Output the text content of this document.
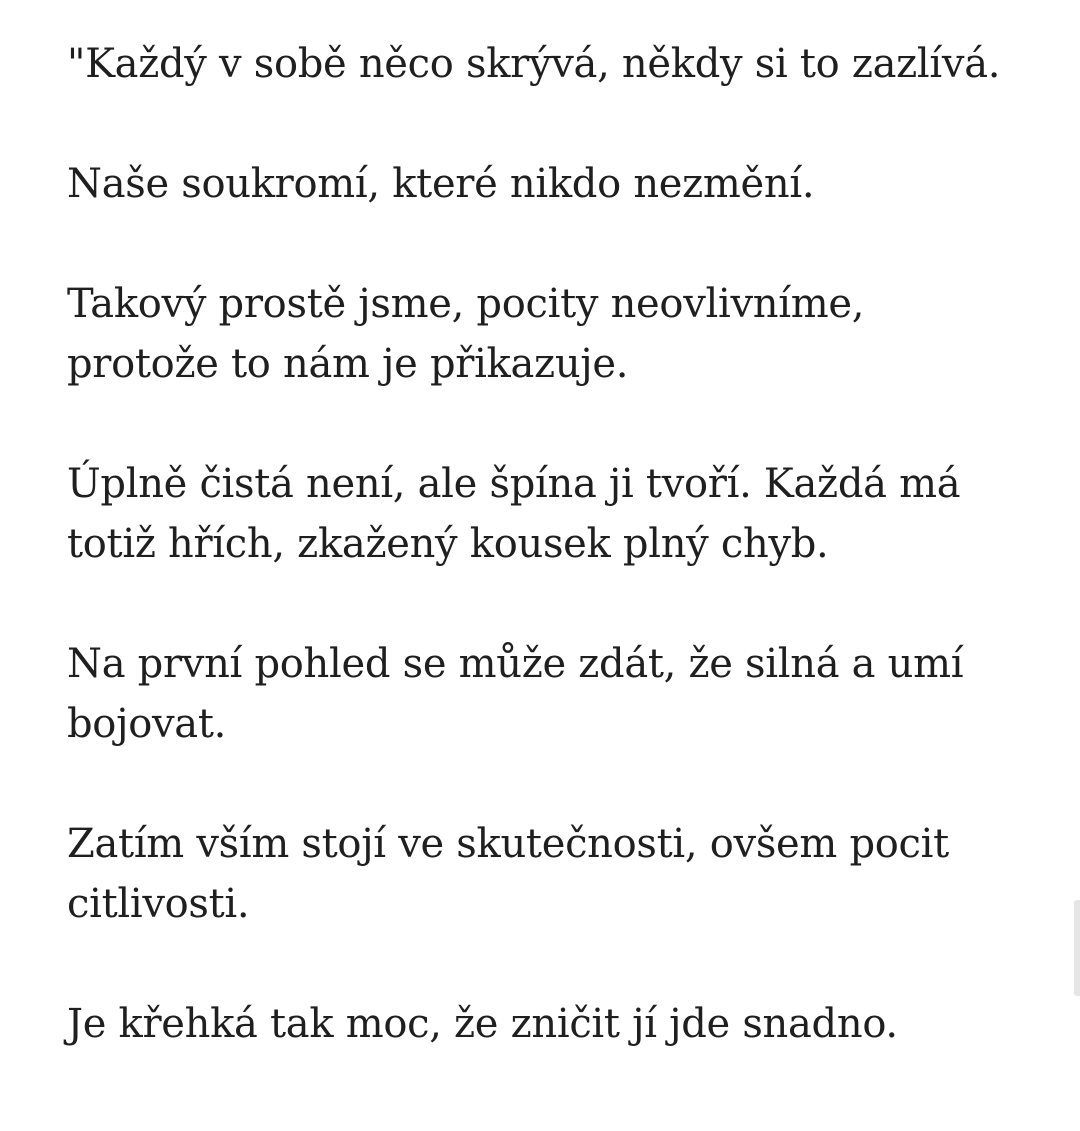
"Každý v sobě něco skrývá, někdy si to zazlívá.

Naše soukromí, které nikdo nezmění.

Takový prostě jsme, pocity neovlivníme, protože to nám je přikazuje.

Úplně čistá není, ale špína ji tvoří. Každá má totiž hřích, zkažený kousek plný chyb.

Na první pohled se může zdát, že silná a umí bojovat.

Zatím vším stojí ve skutečnosti, ovšem pocit citlivosti.

Je křehká tak moc, že zničit jí jde snadno.
